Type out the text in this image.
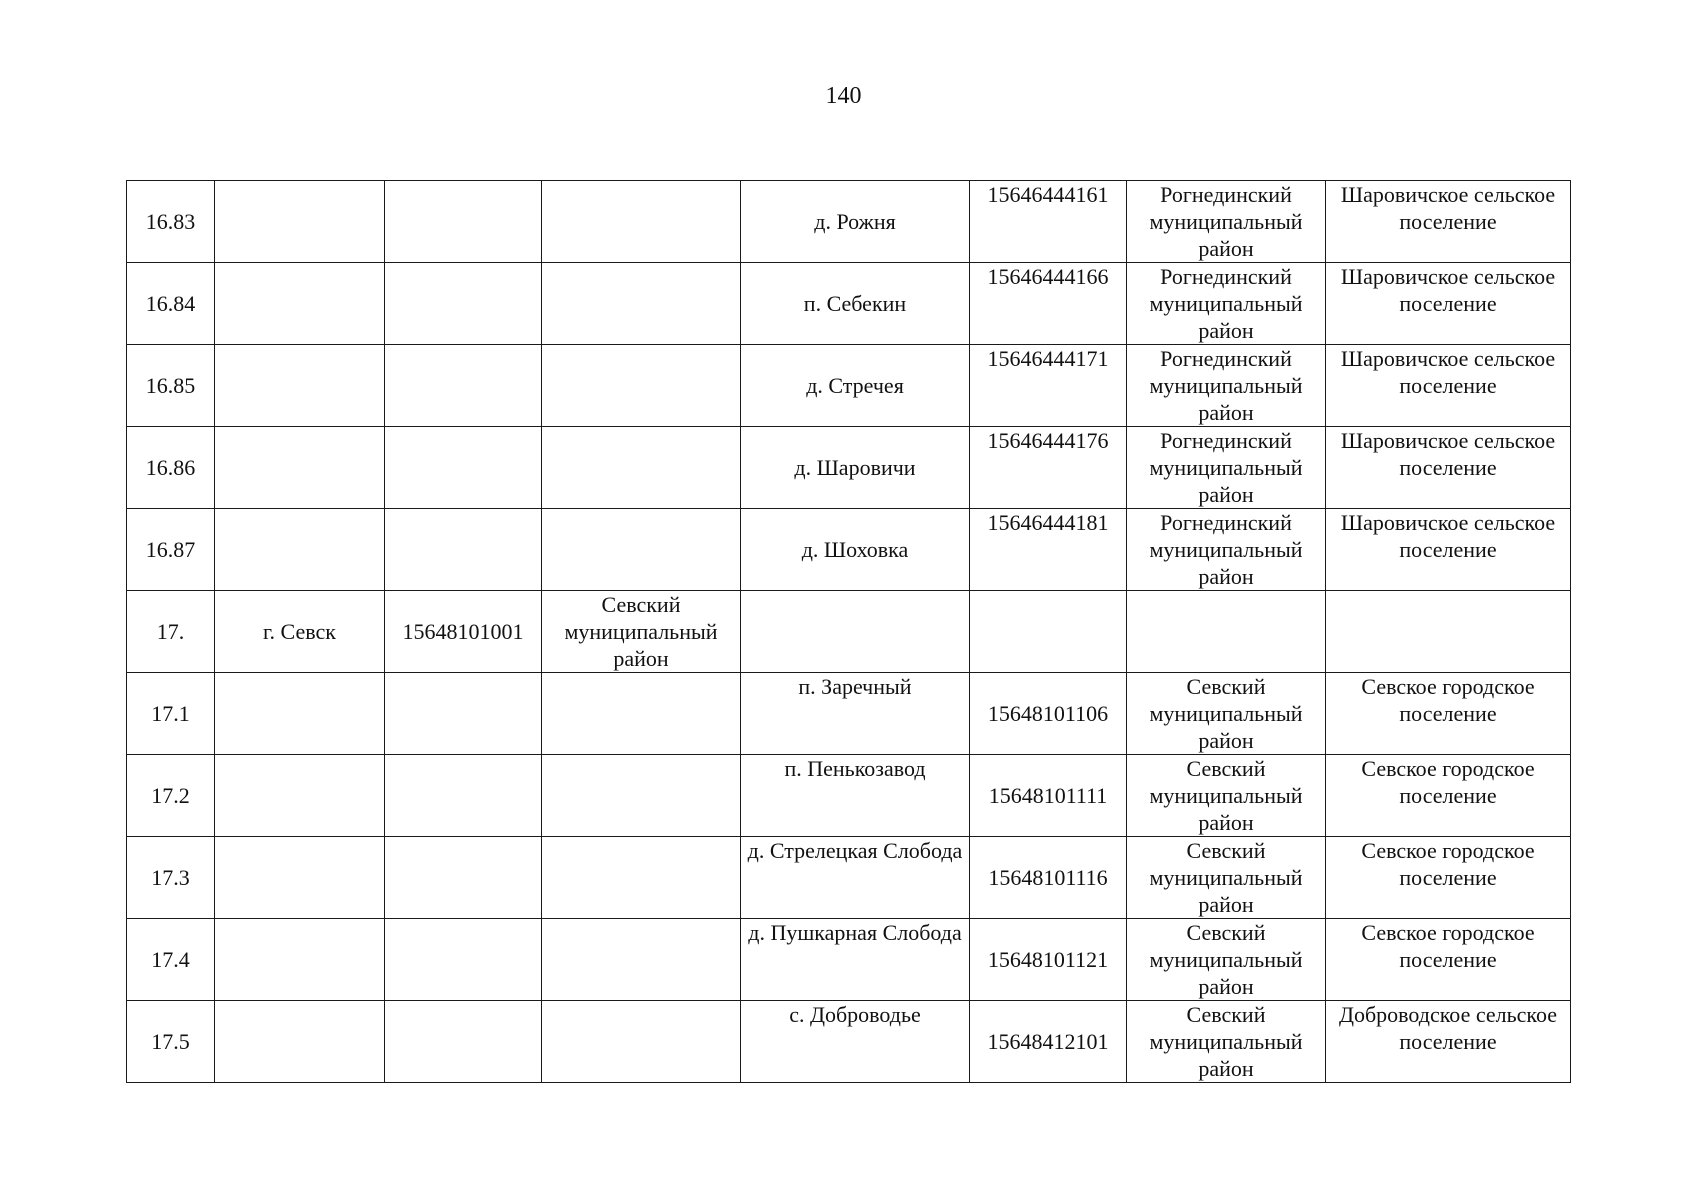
140
16.83				д. Рожня	15646444161	Рогнединский муниципальный район	Шаровичское сельское поселение

16.84				п. Себекин	15646444166	Рогнединский муниципальный район	Шаровичское сельское поселение

16.85				д. Стречея	15646444171	Рогнединский муниципальный район	Шаровичское сельское поселение

16.86				д. Шаровичи	15646444176	Рогнединский муниципальный район	Шаровичское сельское поселение

16.87				д. Шоховка	15646444181	Рогнединский муниципальный район	Шаровичское сельское поселение

17.	г. Севск	15648101001	Севский муниципальный район				

17.1				п. Заречный	15648101106	Севский муниципальный район	Севское городское поселение

17.2				п. Пенькозавод	15648101111	Севский муниципальный район	Севское городское поселение

17.3				д. Стрелецкая Слобода	15648101116	Севский муниципальный район	Севское городское поселение

17.4				д. Пушкарная Слобода	15648101121	Севский муниципальный район	Севское городское поселение

17.5				с. Доброводье	15648412101	Севский муниципальный район	Доброводское сельское поселение
